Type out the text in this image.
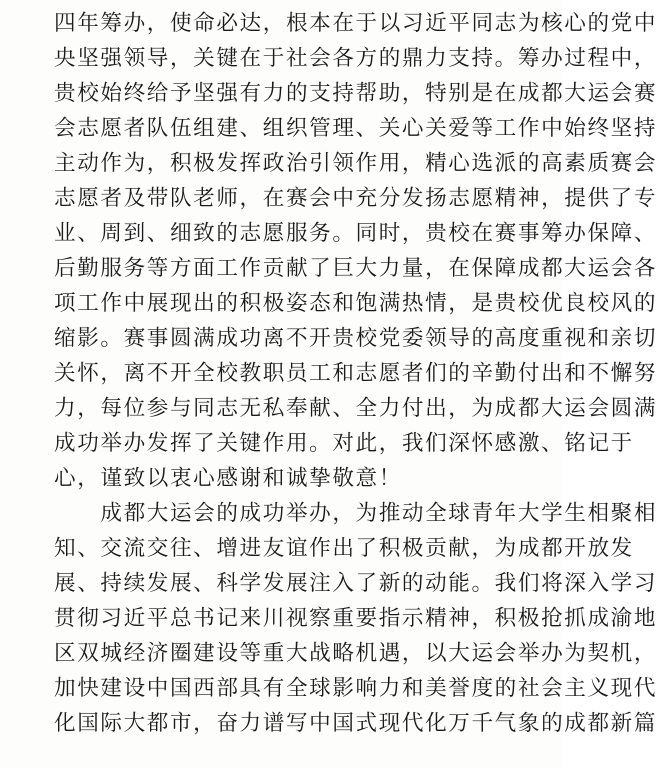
四年筹办，使命必达，根本在于以习近平同志为核心的党中
央坚强领导，关键在于社会各方的鼎力支持。筹办过程中，
贵校始终给予坚强有力的支持帮助，特别是在成都大运会赛
会志愿者队伍组建、组织管理、关心关爱等工作中始终坚持
主动作为，积极发挥政治引领作用，精心选派的高素质赛会
志愿者及带队老师，在赛会中充分发扬志愿精神，提供了专
业、周到、细致的志愿服务。同时，贵校在赛事筹办保障、
后勤服务等方面工作贡献了巨大力量，在保障成都大运会各
项工作中展现出的积极姿态和饱满热情，是贵校优良校风的
缩影。赛事圆满成功离不开贵校党委领导的高度重视和亲切
关怀，离不开全校教职员工和志愿者们的辛勤付出和不懈努
力，每位参与同志无私奉献、全力付出，为成都大运会圆满
成功举办发挥了关键作用。对此，我们深怀感激、铭记于
心，谨致以衷心感谢和诚挚敬意！
　　成都大运会的成功举办，为推动全球青年大学生相聚相
知、交流交往、增进友谊作出了积极贡献，为成都开放发
展、持续发展、科学发展注入了新的动能。我们将深入学习
贯彻习近平总书记来川视察重要指示精神，积极抢抓成渝地
区双城经济圈建设等重大战略机遇，以大运会举办为契机，
加快建设中国西部具有全球影响力和美誉度的社会主义现代
化国际大都市，奋力谱写中国式现代化万千气象的成都新篇
